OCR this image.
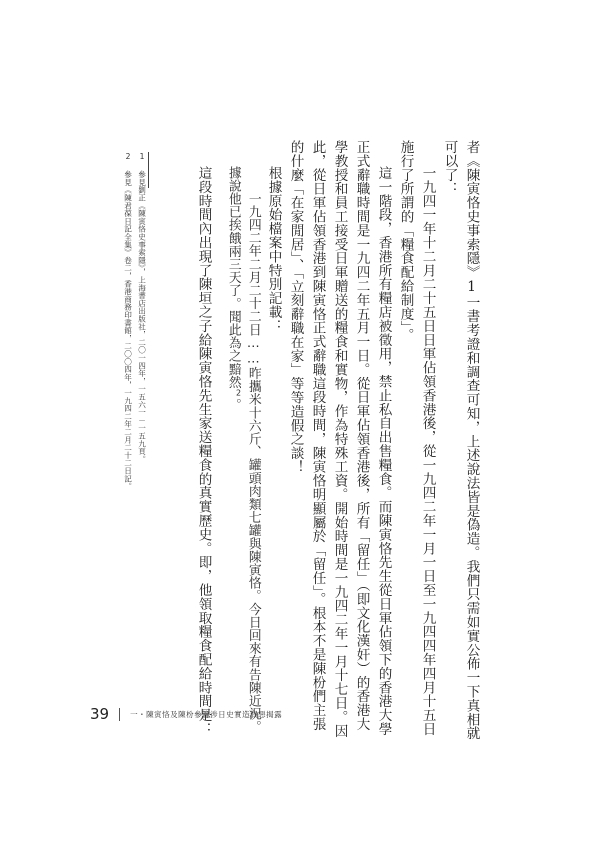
者《陳寅恪史事索隱》1一書考證和調查可知，上述說法皆是偽造。我們只需如實公佈一下真相就
可以了：
一九四一年十二月二十五日日軍佔領香港後，從一九四二年一月一日至一九四四年四月十五日
施行了所謂的「糧食配給制度」。
這一階段，香港所有糧店被徵用，禁止私自出售糧食。而陳寅恪先生從日軍佔領下的香港大學
正式辭職時間是一九四二年五月一日。從日軍佔領香港後，所有「留任」（即文化漢奸）的香港大
學教授和員工接受日軍贈送的糧食和實物，作為特殊工資。開始時間是一九四二年一月十七日。因
此，從日軍佔領香港到陳寅恪正式辭職這段時間，陳寅恪明顯屬於「留任」。根本不是陳枌們主張
的什麼「在家閒居」、「立刻辭職在家」等等造假之談！
根據原始檔案中特別記載：
一九四二年二月二十二日……昨攜米十六斤、罐頭肉類七罐與陳寅恪。今日回來有告陳近況。
據說他已挨餓兩三天了。聞此為之黯然$^2$。
這段時間內出現了陳垣之子給陳寅恪先生家送糧食的真實歷史。即，他領取糧食配給時間是：
1 參見劉正《陳寅恪史事索隱》，上海書店出版社，二〇一四年，一五六一－一五九頁。
2 參見《陳君葆日記全集》卷二，香港商務印書館，二〇〇四年，一九四二年二月二十二日記。
39	一・陳寅恪及陳枌參籌涉日史實造假惡揭露
